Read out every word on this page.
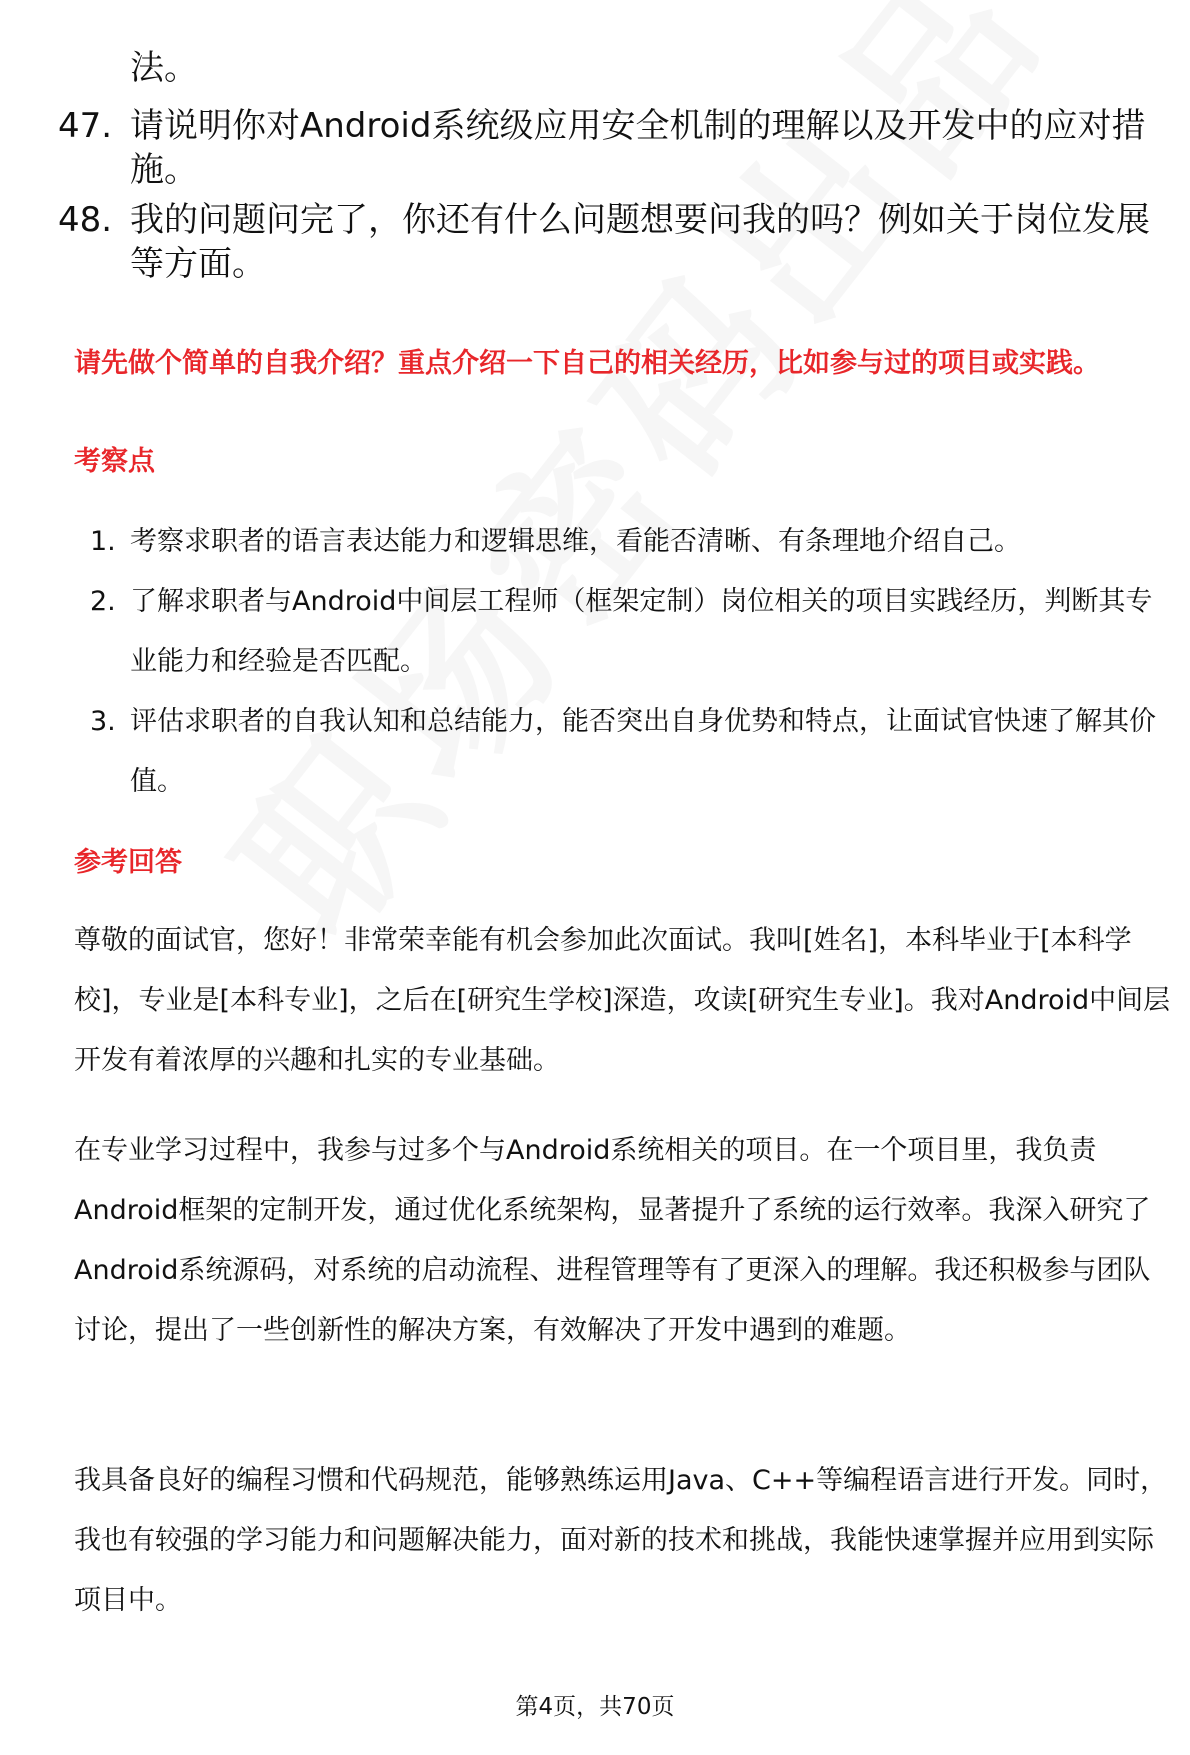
法。
47. 请说明你对Android系统级应用安全机制的理解以及开发中的应对措施。
48. 我的问题问完了，你还有什么问题想要问我的吗？例如关于岗位发展等方面。
请先做个简单的自我介绍？重点介绍一下自己的相关经历，比如参与过的项目或实践。
考察点
1. 考察求职者的语言表达能力和逻辑思维，看能否清晰、有条理地介绍自己。
2. 了解求职者与Android中间层工程师（框架定制）岗位相关的项目实践经历，判断其专业能力和经验是否匹配。
3. 评估求职者的自我认知和总结能力，能否突出自身优势和特点，让面试官快速了解其价值。
参考回答
尊敬的面试官，您好！非常荣幸能有机会参加此次面试。我叫[姓名]，本科毕业于[本科学校]，专业是[本科专业]，之后在[研究生学校]深造，攻读[研究生专业]。我对Android中间层开发有着浓厚的兴趣和扎实的专业基础。
在专业学习过程中，我参与过多个与Android系统相关的项目。在一个项目里，我负责Android框架的定制开发，通过优化系统架构，显著提升了系统的运行效率。我深入研究了Android系统源码，对系统的启动流程、进程管理等有了更深入的理解。我还积极参与团队讨论，提出了一些创新性的解决方案，有效解决了开发中遇到的难题。
我具备良好的编程习惯和代码规范，能够熟练运用Java、C++等编程语言进行开发。同时，我也有较强的学习能力和问题解决能力，面对新的技术和挑战，我能快速掌握并应用到实际项目中。
第4页，共70页
